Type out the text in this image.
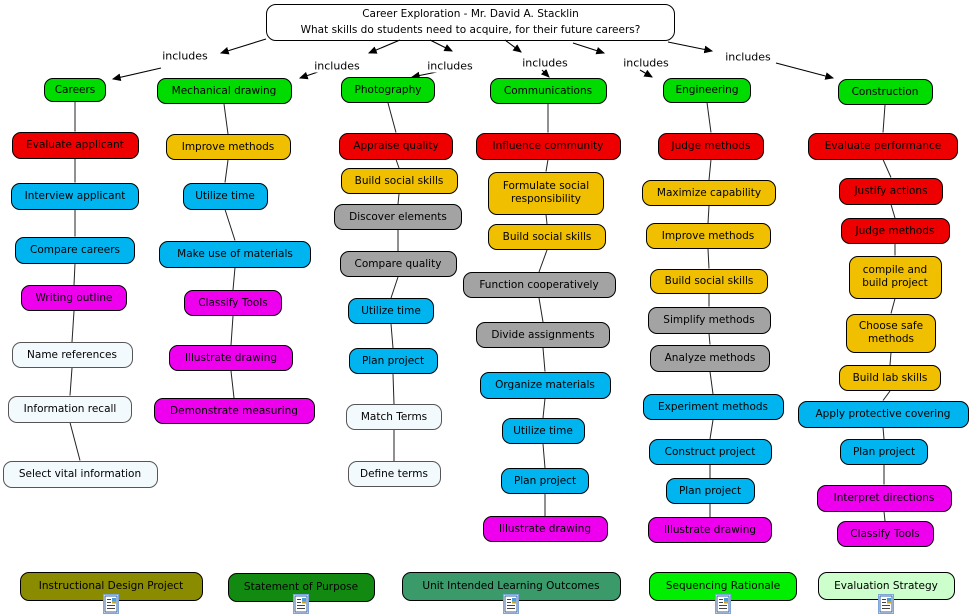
Career Exploration - Mr. David A. Stacklin
What skills do students need to acquire, for their future careers?
Careers
Evaluate applicant
Interview applicant
Compare careers
Writing outline
Name references
Information recall
Select vital information
Mechanical drawing
Improve methods
Utilize time
Make use of materials
Classify Tools
Illustrate drawing
Demonstrate measuring
Photography
Appraise quality
Build social skills
Discover elements
Compare quality
Utilize time
Plan project
Match Terms
Define terms
Communications
Influence community
Formulate social responsibility
Build social skills
Function cooperatively
Divide assignments
Organize materials
Utilize time
Plan project
Illustrate drawing
Engineering
Judge methods
Maximize capability
Improve methods
Build social skills
Simplify methods
Analyze methods
Experiment methods
Construct project
Plan project
Illustrate drawing
Construction
Evaluate performance
Justify actions
Judge methods
compile and build project
Choose safe methods
Build lab skills
Apply protective covering
Plan project
Interpret directions
Classify Tools
includes
includes	includes	includes	includes	includes
Instructional Design Project	Statement of Purpose	Unit Intended Learning Outcomes	Sequencing Rationale	Evaluation Strategy
